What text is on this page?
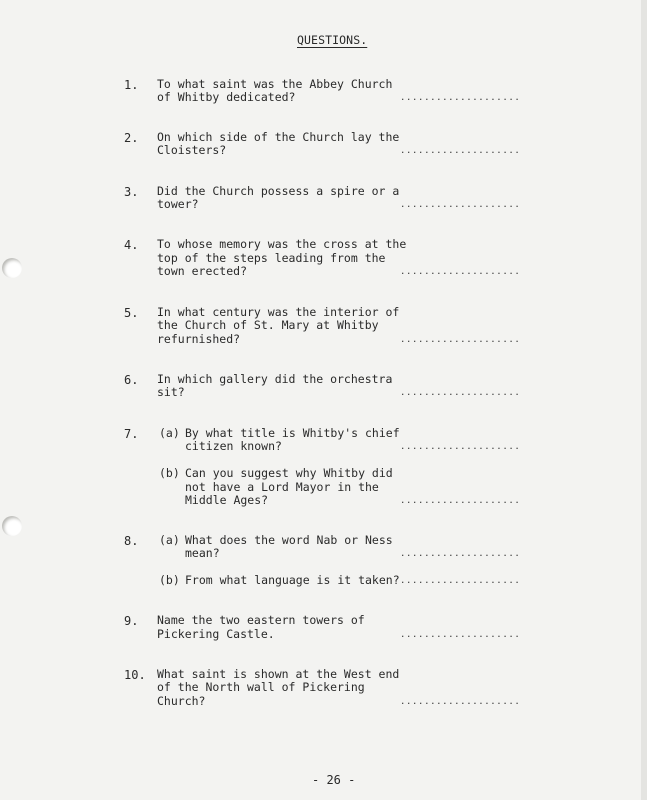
QUESTIONS.
1. To what saint was the Abbey Church
of Whitby dedicated?	....................
2. On which side of the Church lay the
Cloisters?	....................
3. Did the Church possess a spire or a
tower?	....................
4. To whose memory was the cross at the
top of the steps leading from the
town erected?	....................
5. In what century was the interior of
the Church of St. Mary at Whitby
refurnished?	....................
6. In which gallery did the orchestra
sit?	....................
7. (a) By what title is Whitby's chief
citizen known?	....................
(b) Can you suggest why Whitby did
not have a Lord Mayor in the
Middle Ages?	....................
8. (a) What does the word Nab or Ness
mean?	....................
(b) From what language is it taken? ....................
9. Name the two eastern towers of
Pickering Castle.	....................
10. What saint is shown at the West end
of the North wall of Pickering
Church?	....................
- 26 -
